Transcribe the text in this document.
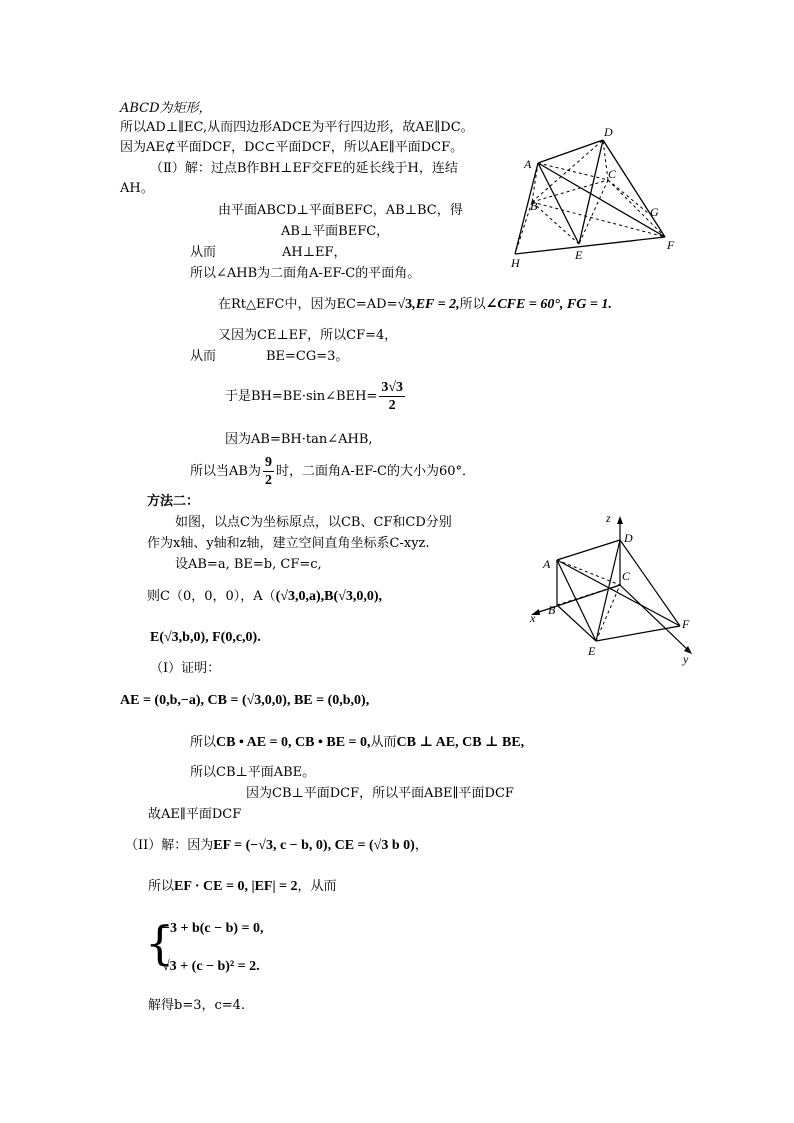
ABCD为矩形，
所以AD⊥∥EC,从而四边形ADCE为平行四边形，故AE∥DC。
因为AE⊄平面DCF，DC⊂平面DCF，所以AE∥平面DCF。
（Ⅱ）解：过点B作BH⊥EF交FE的延长线于H，连结
AH。
由平面ABCD⊥平面BEFC，AB⊥BC，得
AB⊥平面BEFC，
从而	AH⊥EF，
所以∠AHB为二面角A-EF-C的平面角。
在Rt△EFC中，因为EC=AD=√3,EF = 2,所以∠CFE = 60°, FG = 1.
又因为CE⊥EF，所以CF=4，
从而	BE=CG=3。
于是BH=BE·sin∠BEH= $\frac{3√3}{2}$
因为AB=BH·tan∠AHB,
所以当AB为 $\frac{9}{2}$ 时，二面角A-EF-C的大小为60°．
方法二：
如图，以点C为坐标原点，以CB、CF和CD分别
作为x轴、y轴和z轴，建立空间直角坐标系C-xyz.
设AB=a, BE=b, CF=c,
则C（0，0，0），A（(√3,0,a),B(√3,0,0),
E(√3,b,0), F(0,c,0).
（Ⅰ）证明：
AE = (0,b,−a), CB = (√3,0,0), BE = (0,b,0),
所以CB • AE = 0, CB • BE = 0,从而CB ⊥ AE, CB ⊥ BE,
所以CB⊥平面ABE。
因为CB⊥平面DCF，所以平面ABE∥平面DCF
故AE∥平面DCF
（II）解：因为EF = (−√3, c − b, 0), CE = (√3 b 0)，
所以EF · CE = 0, |EF| = 2，从而
{
−3 + b(c − b) = 0,
√3 + (c − b)² = 2.
解得b=3，c=4.
A
D
C
B	G
H
E
F
z
D
A
C
x
B
F
E
y
